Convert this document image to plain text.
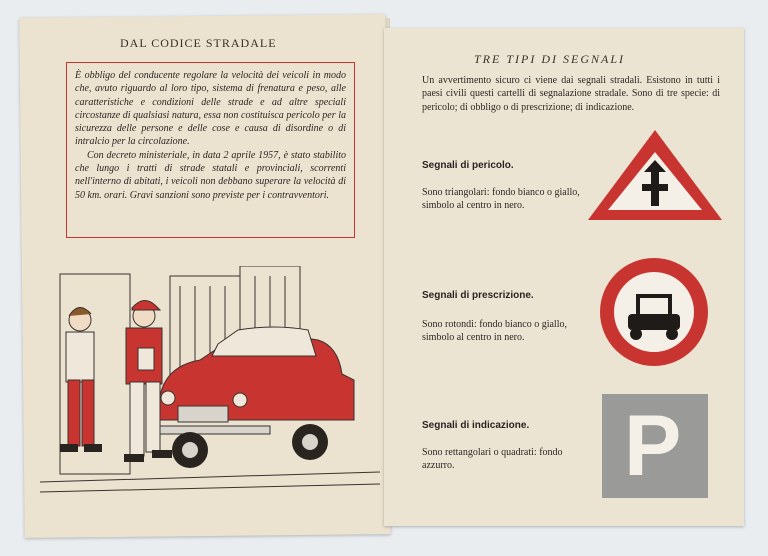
DAL CODICE STRADALE

È obbligo del conducente regolare la velocità dei veicoli in modo che, avuto riguardo al loro tipo, sistema di frenatura e peso, alle caratteristiche e condizioni delle strade e ad altre speciali circostanze di qualsiasi natura, essa non costituisca pericolo per la sicurezza delle persone e delle cose e causa di disordine o di intralcio per la circolazione.

Con decreto ministeriale, in data 2 aprile 1957, è stato stabilito che lungo i tratti di strade statali e provinciali, scorrenti nell'interno di abitati, i veicoli non debbano superare la velocità di 50 km. orari. Gravi sanzioni sono previste per i contravventori.

TRE TIPI DI SEGNALI

Un avvertimento sicuro ci viene dai segnali stradali. Esistono in tutti i paesi civili questi cartelli di segnalazione stradale. Sono di tre specie: di pericolo; di obbligo o di prescrizione; di indicazione.

Segnali di pericolo.
Sono triangolari: fondo bianco o giallo, simbolo al centro in nero.
Segnali di prescrizione.
Sono rotondi: fondo bianco o giallo, simbolo al centro in nero.
Segnali di indicazione.
Sono rettangolari o quadrati: fondo azzurro.	P
